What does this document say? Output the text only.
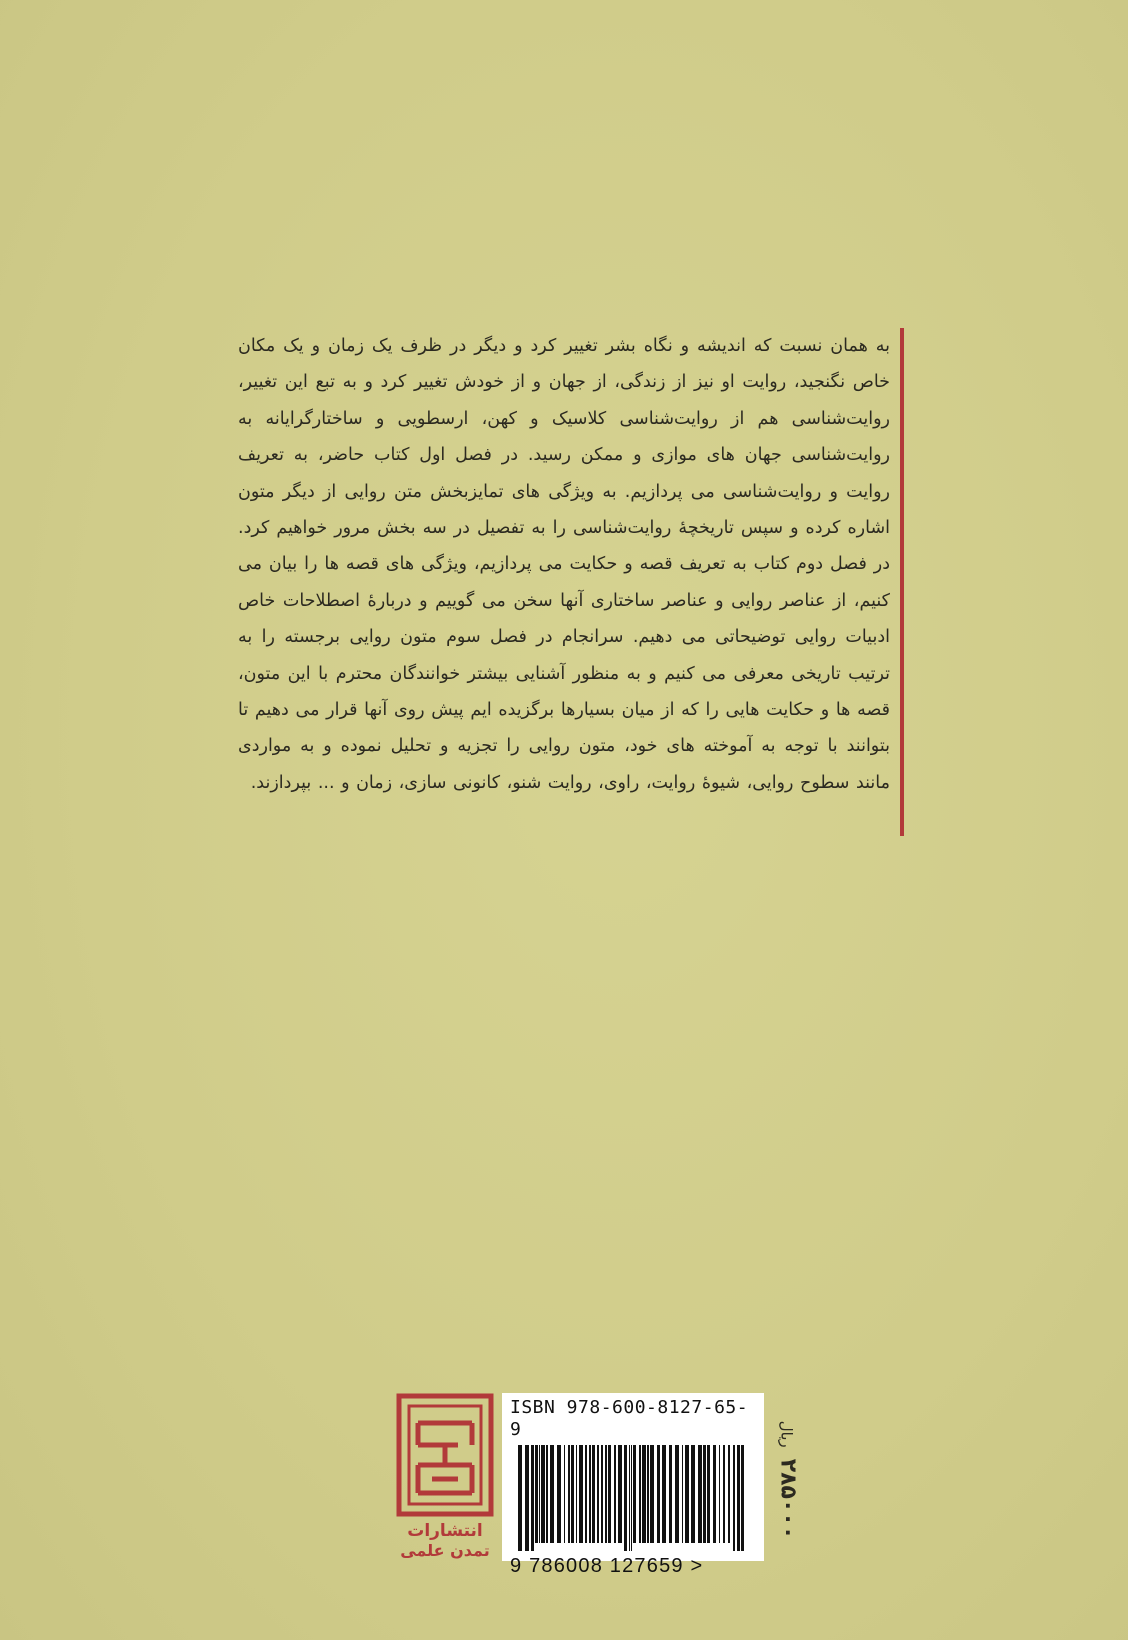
به همان نسبت که اندیشه و نگاه بشر تغییر کرد و دیگر در ظرف یک زمان و یک مکان خاص نگنجید، روایت او نیز از زندگی، از جهان و از خودش تغییر کرد و به تبع این تغییر، روایت‌شناسی هم از روایت‌شناسی کلاسیک و کهن، ارسطویی و ساختارگرایانه به روایت‌شناسی جهان های موازی و ممکن رسید. در فصل اول کتاب حاضر، به تعریف روایت و روایت‌شناسی می پردازیم. به ویژگی های تمایزبخش متن روایی از دیگر متون اشاره کرده و سپس تاریخچهٔ روایت‌شناسی را به تفصیل در سه بخش مرور خواهیم کرد. در فصل دوم کتاب به تعریف قصه و حکایت می پردازیم، ویژگی های قصه ها را بیان می کنیم، از عناصر روایی و عناصر ساختاری آنها سخن می گوییم و دربارهٔ اصطلاحات خاص ادبیات روایی توضیحاتی می دهیم. سرانجام در فصل سوم متون روایی برجسته را به ترتیب تاریخی معرفی می کنیم و به منظور آشنایی بیشتر خوانندگان محترم با این متون، قصه ها و حکایت هایی را که از میان بسیارها برگزیده ایم پیش روی آنها قرار می دهیم تا بتوانند با توجه به آموخته های خود، متون روایی را تجزیه و تحلیل نموده و به مواردی مانند سطوح روایی، شیوهٔ روایت، راوی، روایت شنو، کانونی سازی، زمان و ... بپردازند.

تمدن علمی
انتشارات
تمدن علمی
ISBN 978-600-8127-65-9
9 786008 127659 >
۲۸۵۰۰۰ ریال
